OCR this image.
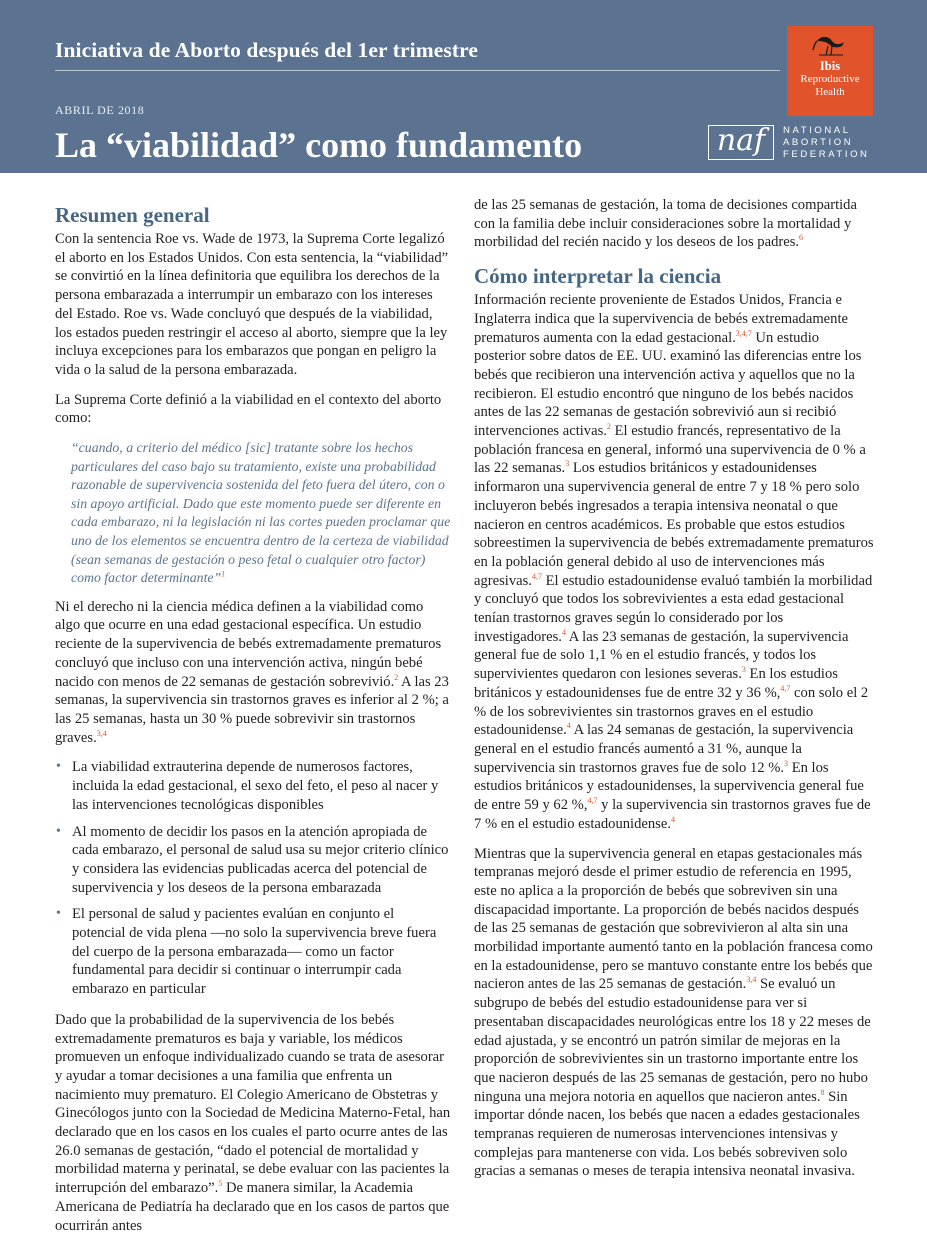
Iniciativa de Aborto después del 1er trimestre
ABRIL DE 2018
La “viabilidad” como fundamento
Ibis
Reproductive
Health
naf	NATIONAL
ABORTION
FEDERATION
Resumen general

Con la sentencia Roe vs. Wade de 1973, la Suprema Corte legalizó el aborto en los Estados Unidos. Con esta sentencia, la “viabilidad” se convirtió en la línea definitoria que equilibra los derechos de la persona embarazada a interrumpir un embarazo con los intereses del Estado. Roe vs. Wade concluyó que después de la viabilidad, los estados pueden restringir el acceso al aborto, siempre que la ley incluya excepciones para los embarazos que pongan en peligro la vida o la salud de la persona embarazada.

La Suprema Corte definió a la viabilidad en el contexto del aborto como:

“cuando, a criterio del médico [sic] tratante sobre los hechos particulares del caso bajo su tratamiento, existe una probabilidad razonable de supervivencia sostenida del feto fuera del útero, con o sin apoyo artificial. Dado que este momento puede ser diferente en cada embarazo, ni la legislación ni las cortes pueden proclamar que uno de los elementos se encuentra dentro de la certeza de viabilidad (sean semanas de gestación o peso fetal o cualquier otro factor) como factor determinante”$^1$

Ni el derecho ni la ciencia médica definen a la viabilidad como algo que ocurre en una edad gestacional específica. Un estudio reciente de la supervivencia de bebés extremadamente prematuros concluyó que incluso con una intervención activa, ningún bebé nacido con menos de 22 semanas de gestación sobrevivió.$^2$ A las 23 semanas, la supervivencia sin trastornos graves es inferior al 2 %; a las 25 semanas, hasta un 30 % puede sobrevivir sin trastornos graves.$^{3,4}$

• La viabilidad extrauterina depende de numerosos factores, incluida la edad gestacional, el sexo del feto, el peso al nacer y las intervenciones tecnológicas disponibles
• Al momento de decidir los pasos en la atención apropiada de cada embarazo, el personal de salud usa su mejor criterio clínico y considera las evidencias publicadas acerca del potencial de supervivencia y los deseos de la persona embarazada
• El personal de salud y pacientes evalúan en conjunto el potencial de vida plena —no solo la supervivencia breve fuera del cuerpo de la persona embarazada— como un factor fundamental para decidir si continuar o interrumpir cada embarazo en particular

Dado que la probabilidad de la supervivencia de los bebés extremadamente prematuros es baja y variable, los médicos promueven un enfoque individualizado cuando se trata de asesorar y ayudar a tomar decisiones a una familia que enfrenta un nacimiento muy prematuro. El Colegio Americano de Obstetras y Ginecólogos junto con la Sociedad de Medicina Materno-Fetal, han declarado que en los casos en los cuales el parto ocurre antes de las 26.0 semanas de gestación, “dado el potencial de mortalidad y morbilidad materna y perinatal, se debe evaluar con las pacientes la interrupción del embarazo”.$^5$ De manera similar, la Academia Americana de Pediatría ha declarado que en los casos de partos que ocurrirán antes

de las 25 semanas de gestación, la toma de decisiones compartida con la familia debe incluir consideraciones sobre la mortalidad y morbilidad del recién nacido y los deseos de los padres.$^6$

Cómo interpretar la ciencia

Información reciente proveniente de Estados Unidos, Francia e Inglaterra indica que la supervivencia de bebés extremadamente prematuros aumenta con la edad gestacional.$^{3,4,7}$ Un estudio posterior sobre datos de EE. UU. examinó las diferencias entre los bebés que recibieron una intervención activa y aquellos que no la recibieron. El estudio encontró que ninguno de los bebés nacidos antes de las 22 semanas de gestación sobrevivió aun si recibió intervenciones activas.$^2$ El estudio francés, representativo de la población francesa en general, informó una supervivencia de 0 % a las 22 semanas.$^3$ Los estudios británicos y estadounidenses informaron una supervivencia general de entre 7 y 18 % pero solo incluyeron bebés ingresados a terapia intensiva neonatal o que nacieron en centros académicos. Es probable que estos estudios sobreestimen la supervivencia de bebés extremadamente prematuros en la población general debido al uso de intervenciones más agresivas.$^{4,7}$ El estudio estadounidense evaluó también la morbilidad y concluyó que todos los sobrevivientes a esta edad gestacional tenían trastornos graves según lo considerado por los investigadores.$^4$ A las 23 semanas de gestación, la supervivencia general fue de solo 1,1 % en el estudio francés, y todos los supervivientes quedaron con lesiones severas.$^3$ En los estudios británicos y estadounidenses fue de entre 32 y 36 %,$^{4,7}$ con solo el 2 % de los sobrevivientes sin trastornos graves en el estudio estadounidense.$^4$ A las 24 semanas de gestación, la supervivencia general en el estudio francés aumentó a 31 %, aunque la supervivencia sin trastornos graves fue de solo 12 %.$^3$ En los estudios británicos y estadounidenses, la supervivencia general fue de entre 59 y 62 %,$^{4,7}$ y la supervivencia sin trastornos graves fue de 7 % en el estudio estadounidense.$^4$

Mientras que la supervivencia general en etapas gestacionales más tempranas mejoró desde el primer estudio de referencia en 1995, este no aplica a la proporción de bebés que sobreviven sin una discapacidad importante. La proporción de bebés nacidos después de las 25 semanas de gestación que sobrevivieron al alta sin una morbilidad importante aumentó tanto en la población francesa como en la estadounidense, pero se mantuvo constante entre los bebés que nacieron antes de las 25 semanas de gestación.$^{3,4}$ Se evaluó un subgrupo de bebés del estudio estadounidense para ver si presentaban discapacidades neurológicas entre los 18 y 22 meses de edad ajustada, y se encontró un patrón similar de mejoras en la proporción de sobrevivientes sin un trastorno importante entre los que nacieron después de las 25 semanas de gestación, pero no hubo ninguna una mejora notoria en aquellos que nacieron antes.$^8$ Sin importar dónde nacen, los bebés que nacen a edades gestacionales tempranas requieren de numerosas intervenciones intensivas y complejas para mantenerse con vida. Los bebés sobreviven solo gracias a semanas o meses de terapia intensiva neonatal invasiva.
